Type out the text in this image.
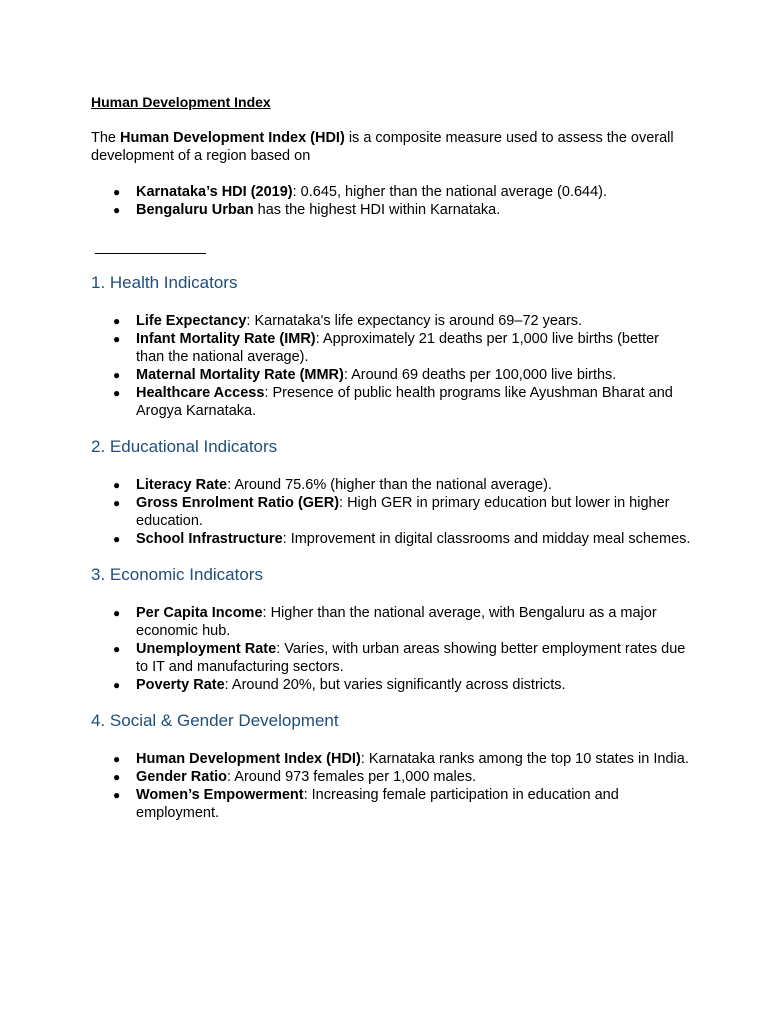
Human Development Index

The Human Development Index (HDI) is a composite measure used to assess the overall development of a region based on

● Karnataka’s HDI (2019): 0.645, higher than the national average (0.644).
● Bengaluru Urban has the highest HDI within Karnataka.
1. Health Indicators
● Life Expectancy: Karnataka's life expectancy is around 69–72 years.
● Infant Mortality Rate (IMR): Approximately 21 deaths per 1,000 live births (better than the national average).
● Maternal Mortality Rate (MMR): Around 69 deaths per 100,000 live births.
● Healthcare Access: Presence of public health programs like Ayushman Bharat and Arogya Karnataka.
2. Educational Indicators
● Literacy Rate: Around 75.6% (higher than the national average).
● Gross Enrolment Ratio (GER): High GER in primary education but lower in higher education.
● School Infrastructure: Improvement in digital classrooms and midday meal schemes.
3. Economic Indicators
● Per Capita Income: Higher than the national average, with Bengaluru as a major economic hub.
● Unemployment Rate: Varies, with urban areas showing better employment rates due to IT and manufacturing sectors.
● Poverty Rate: Around 20%, but varies significantly across districts.
4. Social & Gender Development
● Human Development Index (HDI): Karnataka ranks among the top 10 states in India.
● Gender Ratio: Around 973 females per 1,000 males.
● Women’s Empowerment: Increasing female participation in education and employment.
